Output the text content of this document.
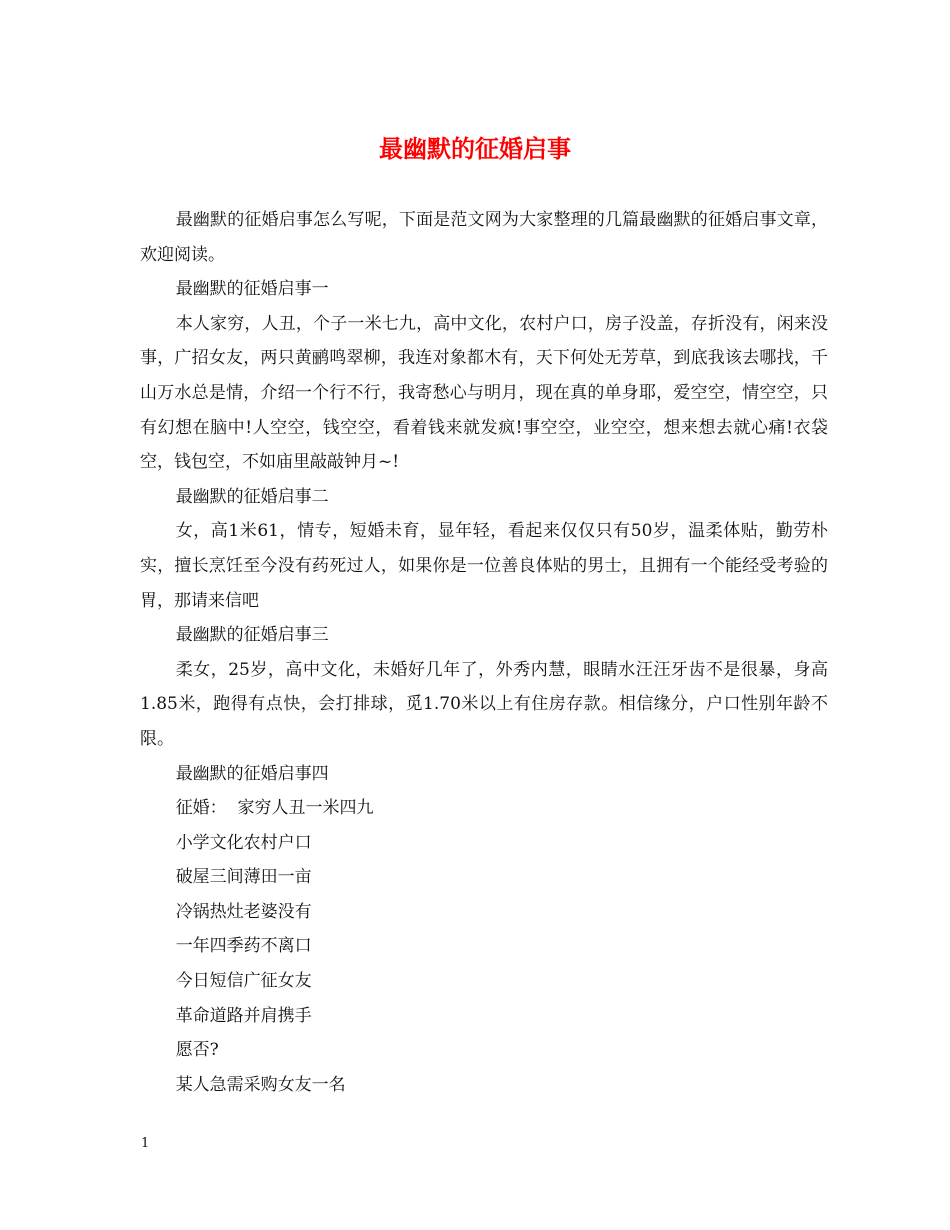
最幽默的征婚启事

最幽默的征婚启事怎么写呢，下面是范文网为大家整理的几篇最幽默的征婚启事文章，欢迎阅读。

最幽默的征婚启事一

本人家穷，人丑，个子一米七九，高中文化，农村户口，房子没盖，存折没有，闲来没事，广招女友，两只黄鹂鸣翠柳，我连对象都木有，天下何处无芳草，到底我该去哪找，千山万水总是情，介绍一个行不行，我寄愁心与明月，现在真的单身耶，爱空空，情空空，只有幻想在脑中!人空空，钱空空，看着钱来就发疯!事空空，业空空，想来想去就心痛!衣袋空，钱包空，不如庙里敲敲钟月~!

最幽默的征婚启事二

女，高1米61，情专，短婚未育，显年轻，看起来仅仅只有50岁，温柔体贴，勤劳朴实，擅长烹饪至今没有药死过人，如果你是一位善良体贴的男士，且拥有一个能经受考验的胃，那请来信吧

最幽默的征婚启事三

柔女，25岁，高中文化，未婚好几年了，外秀内慧，眼睛水汪汪牙齿不是很暴，身高1.85米，跑得有点快，会打排球，觅1.70米以上有住房存款。相信缘分，户口性别年龄不限。

最幽默的征婚启事四

征婚：  家穷人丑一米四九

小学文化农村户口

破屋三间薄田一亩

冷锅热灶老婆没有

一年四季药不离口

今日短信广征女友

革命道路并肩携手

愿否?

某人急需采购女友一名

1
